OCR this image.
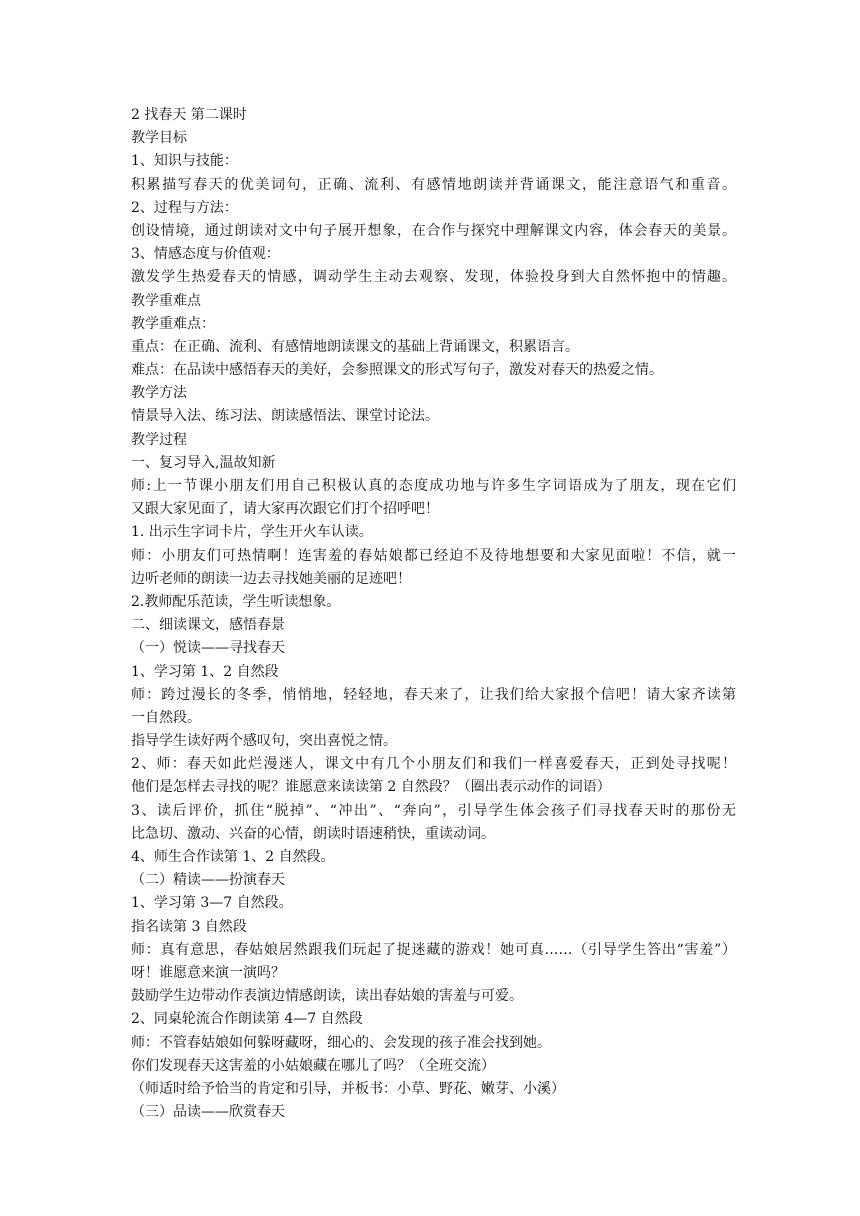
2 找春天 第二课时
教学目标
1、知识与技能：
积累描写春天的优美词句，正确、流利、有感情地朗读并背诵课文，能注意语气和重音。
2、过程与方法：
创设情境，通过朗读对文中句子展开想象，在合作与探究中理解课文内容，体会春天的美景。
3、情感态度与价值观：
激发学生热爱春天的情感，调动学生主动去观察、发现，体验投身到大自然怀抱中的情趣。
教学重难点
教学重难点：
重点：在正确、流利、有感情地朗读课文的基础上背诵课文，积累语言。
难点：在品读中感悟春天的美好，会参照课文的形式写句子，激发对春天的热爱之情。
教学方法
情景导入法、练习法、朗读感悟法、课堂讨论法。
教学过程
一、复习导入,温故知新
师:上一节课小朋友们用自己积极认真的态度成功地与许多生字词语成为了朋友，现在它们
又跟大家见面了，请大家再次跟它们打个招呼吧！
1. 出示生字词卡片，学生开火车认读。
师：小朋友们可热情啊！连害羞的春姑娘都已经迫不及待地想要和大家见面啦！不信，就一
边听老师的朗读一边去寻找她美丽的足迹吧！
2.教师配乐范读，学生听读想象。
二、细读课文，感悟春景
（一）悦读——寻找春天
1、学习第 1、2 自然段
师：跨过漫长的冬季，悄悄地，轻轻地，春天来了，让我们给大家报个信吧！请大家齐读第
一自然段。
指导学生读好两个感叹句，突出喜悦之情。
2、师：春天如此烂漫迷人，课文中有几个小朋友们和我们一样喜爱春天，正到处寻找呢！
他们是怎样去寻找的呢？谁愿意来读读第 2 自然段？（圈出表示动作的词语）
3、读后评价，抓住“脱掉”、“冲出”、“奔向”，引导学生体会孩子们寻找春天时的那份无
比急切、激动、兴奋的心情，朗读时语速稍快，重读动词。
4、师生合作读第 1、2 自然段。
（二）精读——扮演春天
1、学习第 3—7 自然段。
指名读第 3 自然段
师：真有意思，春姑娘居然跟我们玩起了捉迷藏的游戏！她可真……（引导学生答出“害羞”）
呀！谁愿意来演一演吗？
鼓励学生边带动作表演边情感朗读，读出春姑娘的害羞与可爱。
2、同桌轮流合作朗读第 4—7 自然段
师：不管春姑娘如何躲呀藏呀，细心的、会发现的孩子准会找到她。
你们发现春天这害羞的小姑娘藏在哪儿了吗？（全班交流）
（师适时给予恰当的肯定和引导，并板书：小草、野花、嫩芽、小溪）
（三）品读——欣赏春天
